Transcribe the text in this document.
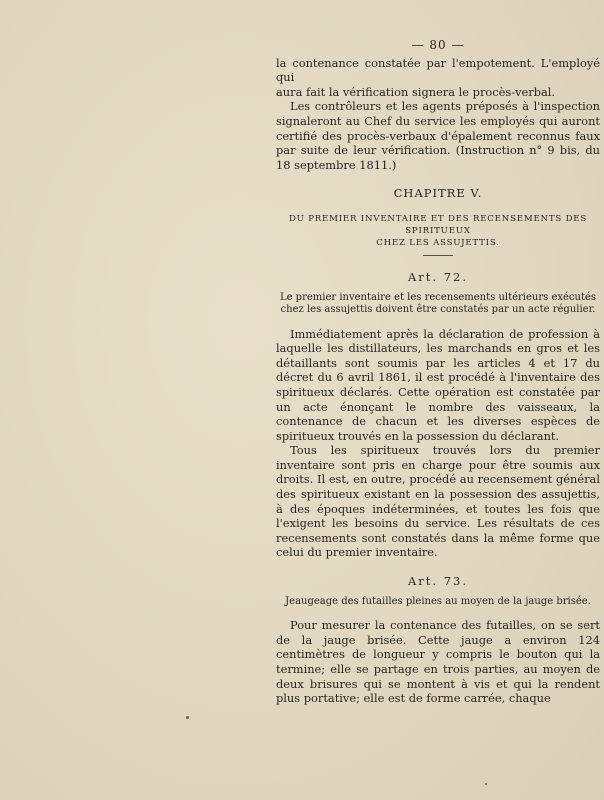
— 80 —

la contenance constatée par l'empotement. L'employé qui

aura fait la vérification signera le procès-verbal.

Les contrôleurs et les agents préposés à l'inspection signaleront au Chef du service les employés qui auront certifié des procès-verbaux d'épalement reconnus faux par suite de leur vérification. (Instruction n° 9 bis, du 18 septembre 1811.)

CHAPITRE V.
DU PREMIER INVENTAIRE ET DES RECENSEMENTS DES SPIRITUEUX
CHEZ LES ASSUJETTIS.
Art. 72.
Le premier inventaire et les recensements ultérieurs exécutés chez les assujettis doivent être constatés par un acte régulier.

Immédiatement après la déclaration de profession à laquelle les distillateurs, les marchands en gros et les détaillants sont soumis par les articles 4 et 17 du décret du 6 avril 1861, il est procédé à l'inventaire des spiritueux déclarés. Cette opération est constatée par un acte énonçant le nombre des vaisseaux, la contenance de chacun et les diverses espèces de spiritueux trouvés en la possession du déclarant.

Tous les spiritueux trouvés lors du premier inventaire sont pris en charge pour être soumis aux droits. Il est, en outre, procédé au recensement général des spiritueux existant en la possession des assujettis, à des époques indéterminées, et toutes les fois que l'exigent les besoins du service. Les résultats de ces recensements sont constatés dans la même forme que celui du premier inventaire.

Art. 73.
Jeaugeage des futailles pleines au moyen de la jauge brisée.

Pour mesurer la contenance des futailles, on se sert de la jauge brisée. Cette jauge a environ 124 centimètres de longueur y compris le bouton qui la termine; elle se partage en trois parties, au moyen de deux brisures qui se montent à vis et qui la rendent plus portative; elle est de forme carrée, chaque
